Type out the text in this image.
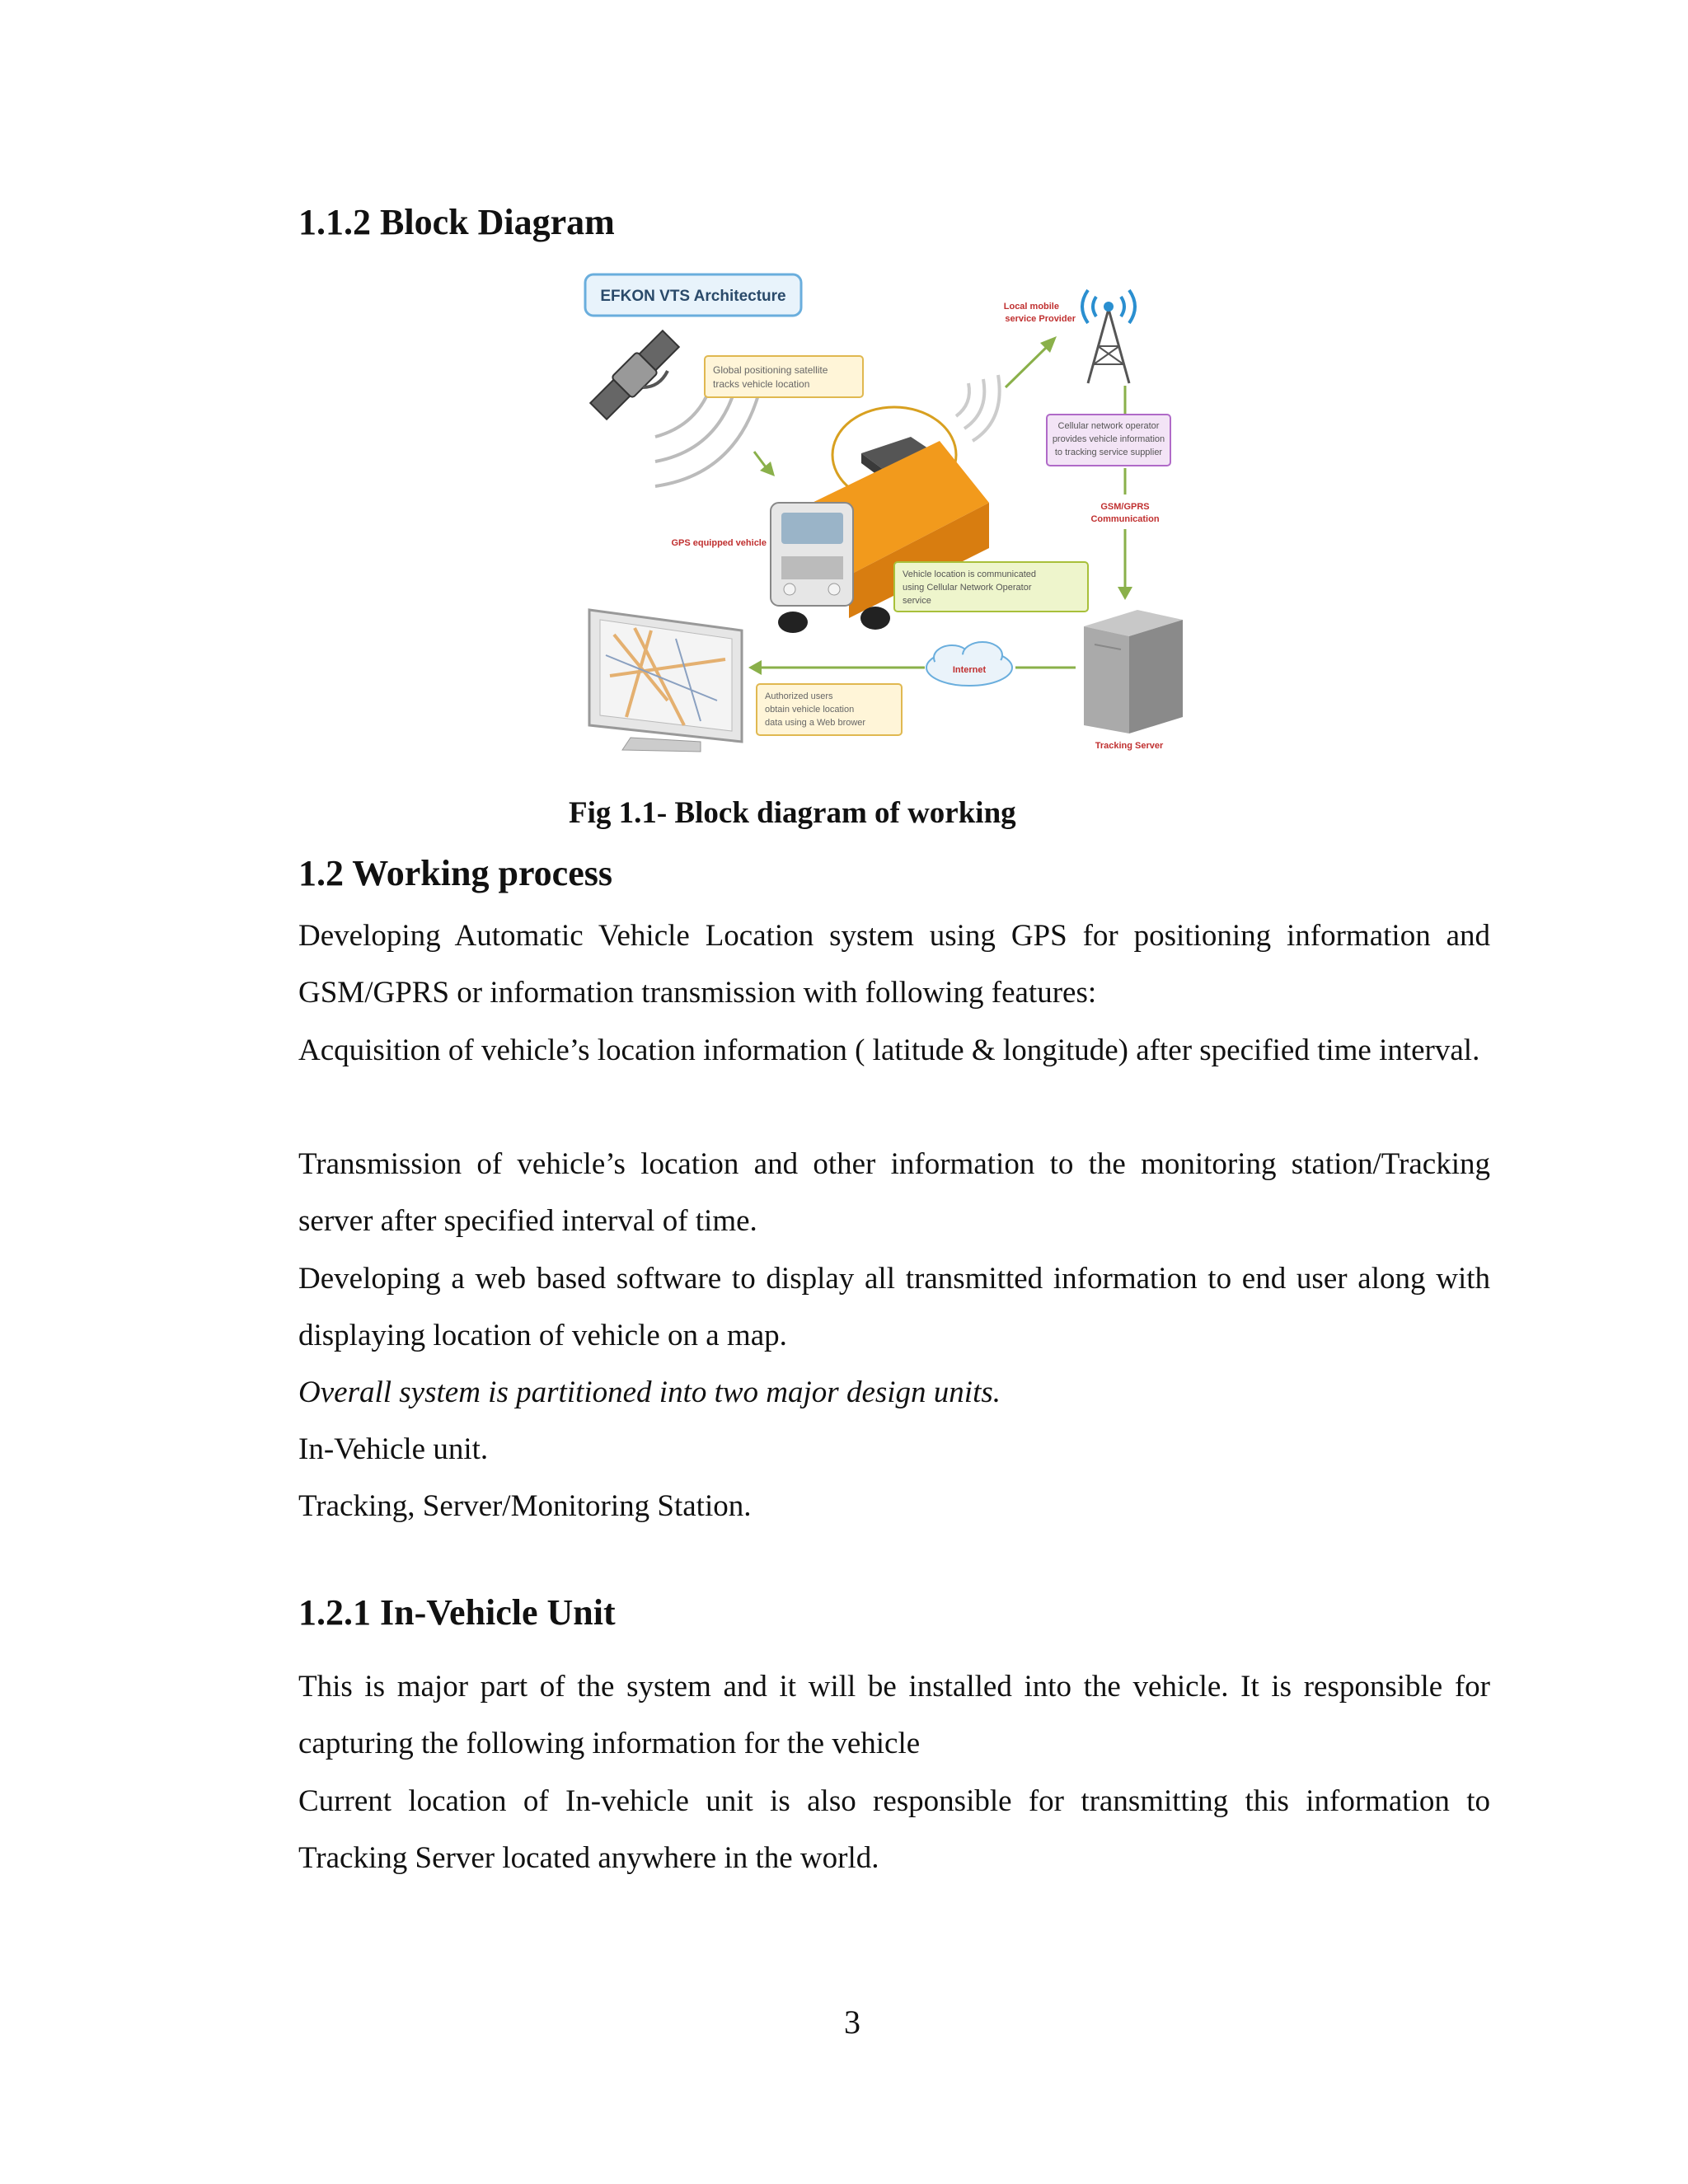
1.1.2 Block Diagram
EFKON VTS Architecture
Global positioning satellite
tracks vehicle location
Local mobile
service Provider
Cellular network operator
provides vehicle information
to tracking service supplier
GSM/GPRS
Communication
GPS equipped vehicle
Vehicle location is communicated
using Cellular Network Operator
service
Internet
Authorized users
obtain vehicle location
data using a Web brower
Tracking Server

Fig 1.1- Block diagram of working

1.2 Working process

Developing Automatic Vehicle Location system using GPS for positioning information and GSM/GPRS or information transmission with following features:

Acquisition of vehicle’s location information ( latitude & longitude) after specified time interval.

Transmission of vehicle’s location and other information to the monitoring station/Tracking server after specified interval of time.

Developing a web based software to display all transmitted information to end user along with displaying location of vehicle on a map.

Overall system is partitioned into two major design units.

In-Vehicle unit.

Tracking, Server/Monitoring Station.

1.2.1 In-Vehicle Unit

This is major part of the system and it will be installed into the vehicle. It is responsible for capturing the following information for the vehicle

Current location of In-vehicle unit is also responsible for transmitting this information to Tracking Server located anywhere in the world.

3
